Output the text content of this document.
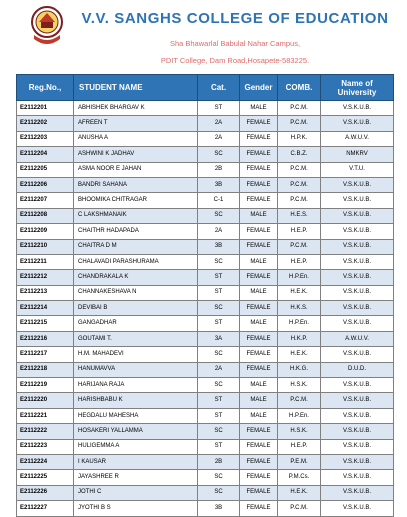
V.V. SANGHS COLLEGE OF EDUCATION
Sha Bhawarlal Babulal Nahar Campus,
PDIT College, Dam Road,Hosapete-583225.
Reg.No.,	STUDENT NAME	Cat.	Gender	COMB.	Name of University
E2112201	ABHISHEK BHARGAV K	ST	MALE	P.C.M.	V.S.K.U.B.
E2112202	AFREEN T	2A	FEMALE	P.C.M.	V.S.K.U.B.
E2112203	ANUSHA A	2A	FEMALE	H.P.K.	A.W.U.V.
E2112204	ASHWINI K JADHAV	SC	FEMALE	C.B.Z.	NMKRV
E2112205	ASMA NOOR E JAHAN	2B	FEMALE	P.C.M.	V.T.U.
E2112206	BANDRI SAHANA	3B	FEMALE	P.C.M.	V.S.K.U.B.
E2112207	BHOOMIKA CHITRAGAR	C-1	FEMALE	P.C.M.	V.S.K.U.B.
E2112208	C LAKSHMANAIK	SC	MALE	H.E.S.	V.S.K.U.B.
E2112209	CHAITHR HADAPADA	2A	FEMALE	H.E.P.	V.S.K.U.B.
E2112210	CHAITRA D M	3B	FEMALE	P.C.M.	V.S.K.U.B.
E2112211	CHALAVADI PARASHURAMA	SC	MALE	H.E.P.	V.S.K.U.B.
E2112212	CHANDRAKALA K	ST	FEMALE	H.P.En.	V.S.K.U.B.
E2112213	CHANNAKESHAVA N	ST	MALE	H.E.K.	V.S.K.U.B.
E2112214	DEVIBAI B	SC	FEMALE	H.K.S.	V.S.K.U.B.
E2112215	GANGADHAR	ST	MALE	H.P.En.	V.S.K.U.B.
E2112216	GOUTAMI T.	3A	FEMALE	H.K.P.	A.W.U.V.
E2112217	H.M. MAHADEVI	SC	FEMALE	H.E.K.	V.S.K.U.B.
E2112218	HANUMAVVA	2A	FEMALE	H.K.G.	D.U.D.
E2112219	HARIJANA RAJA	SC	MALE	H.S.K.	V.S.K.U.B.
E2112220	HARISHBABU K	ST	MALE	P.C.M.	V.S.K.U.B.
E2112221	HEGDALU MAHESHA	ST	MALE	H.P.En.	V.S.K.U.B.
E2112222	HOSAKERI YALLAMMA	SC	FEMALE	H.S.K.	V.S.K.U.B.
E2112223	HULIGEMMA A	ST	FEMALE	H.E.P.	V.S.K.U.B.
E2112224	I KAUSAR	2B	FEMALE	P.E.M.	V.S.K.U.B.
E2112225	JAYASHREE R	SC	FEMALE	P.M.Cs.	V.S.K.U.B.
E2112226	JOTHI C	SC	FEMALE	H.E.K.	V.S.K.U.B.
E2112227	JYOTHI B S	3B	FEMALE	P.C.M.	V.S.K.U.B.
